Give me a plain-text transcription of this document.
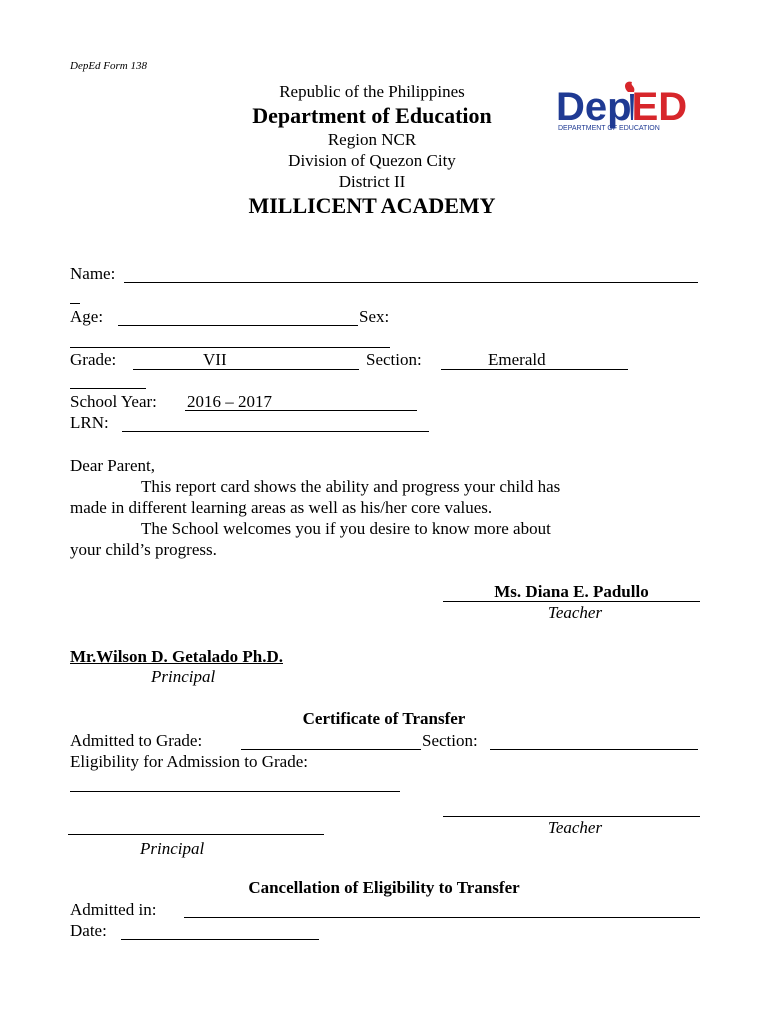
DepEd Form 138
Republic of the Philippines
Department of Education
Region NCR
Division of Quezon City
District II
MILLICENT ACADEMY
DepED
DEPARTMENT OF EDUCATION
Name:
Age:	Sex:
Grade:	VII	Section:	Emerald
School Year: 2016 – 2017
LRN:
Dear Parent,
This report card shows the ability and progress your child has
made in different learning areas as well as his/her core values.
The School welcomes you if you desire to know more about
your child’s progress.
Ms. Diana E. Padullo
Teacher
Mr.Wilson D. Getalado Ph.D.
Principal
Certificate of Transfer
Admitted to Grade:	Section:
Eligibility for Admission to Grade:
Teacher
Principal
Cancellation of Eligibility to Transfer
Admitted in:
Date:
